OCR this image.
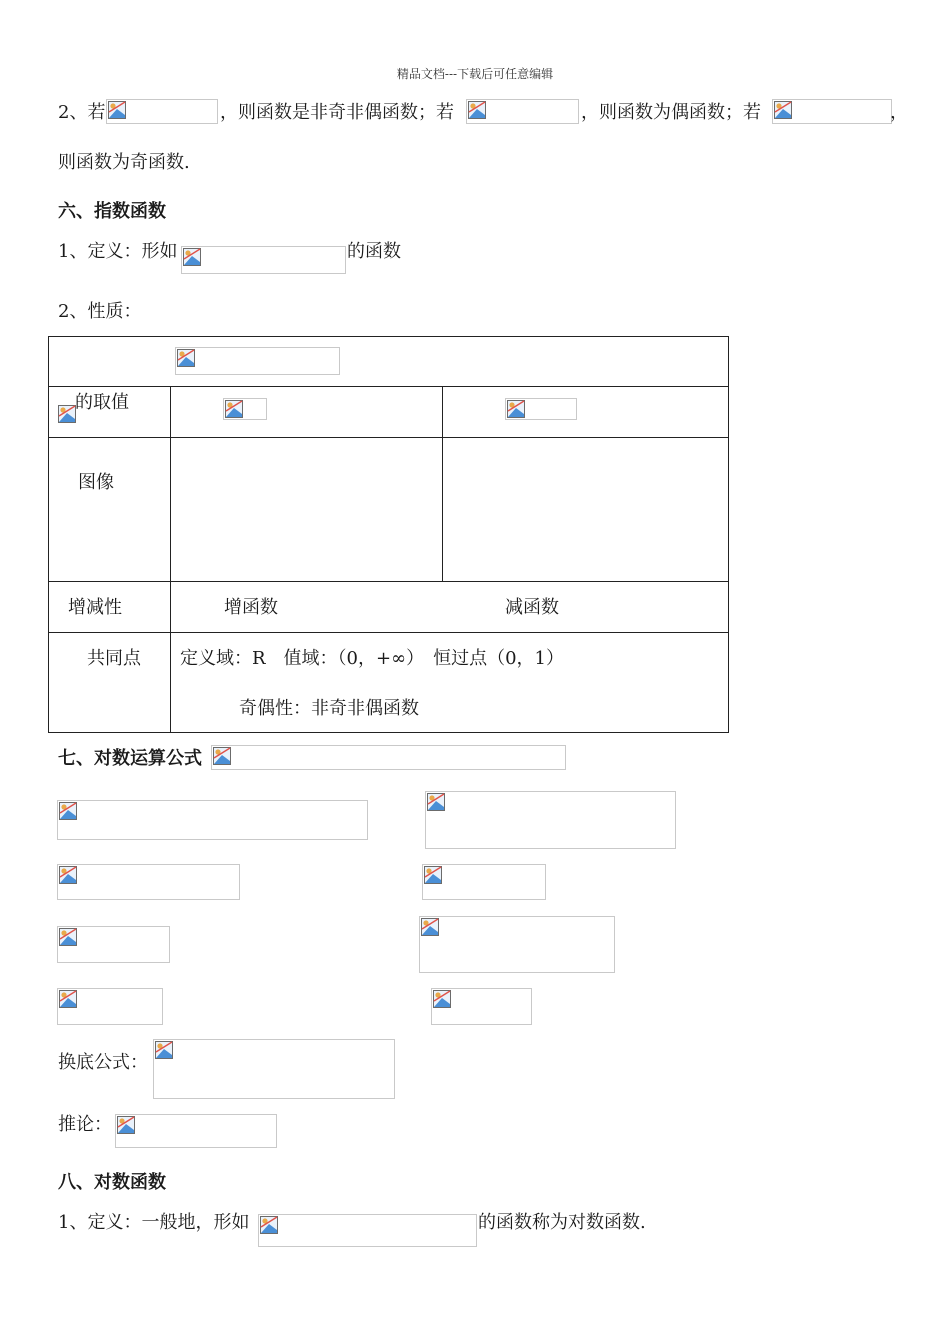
精品文档---下载后可任意编辑
2、若	，则函数是非奇非偶函数；若	，则函数为偶函数；若	，
则函数为奇函数.
六、指数函数
1、定义：形如	的函数
2、性质：
的取值
图像
增减性	增函数	减函数
共同点 定义域：R　值域：（0，+∞）　恒过点（0，1）
奇偶性：非奇非偶函数
七、对数运算公式
换底公式：
推论：
八、对数函数
1、定义：一般地，形如	的函数称为对数函数.
